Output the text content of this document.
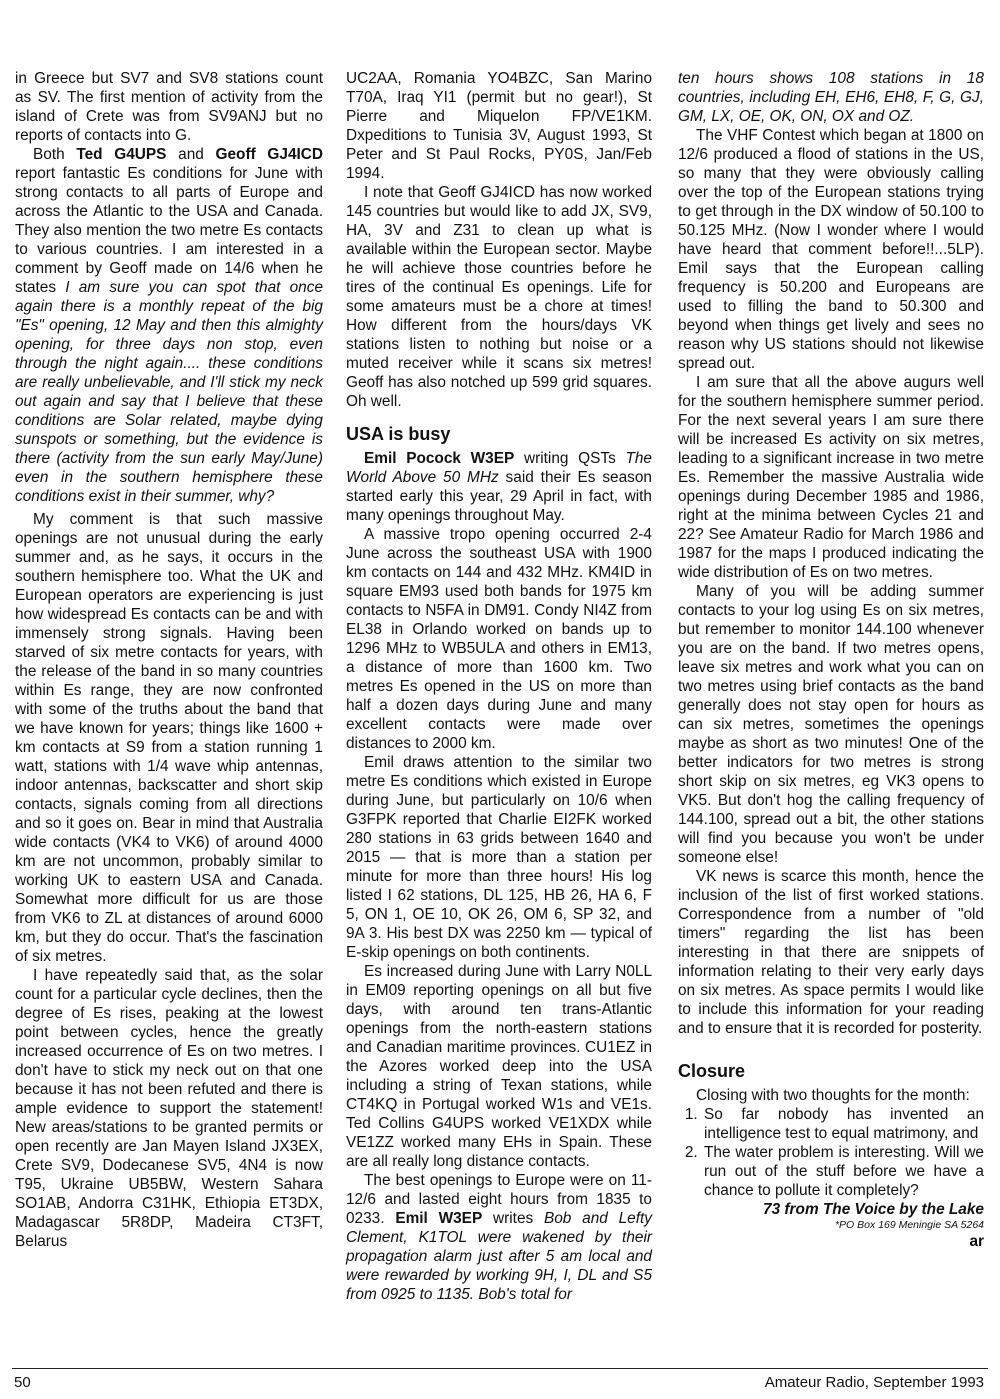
in Greece but SV7 and SV8 stations count as SV. The first mention of activity from the island of Crete was from SV9ANJ but no reports of contacts into G.

Both Ted G4UPS and Geoff GJ4ICD report fantastic Es conditions for June with strong contacts to all parts of Europe and across the Atlantic to the USA and Canada. They also mention the two metre Es contacts to various countries. I am interested in a comment by Geoff made on 14/6 when he states I am sure you can spot that once again there is a monthly repeat of the big "Es" opening, 12 May and then this almighty opening, for three days non stop, even through the night again.... these conditions are really unbelievable, and I'll stick my neck out again and say that I believe that these conditions are Solar related, maybe dying sunspots or something, but the evidence is there (activity from the sun early May/June) even in the southern hemisphere these conditions exist in their summer, why?

My comment is that such massive openings are not unusual during the early summer and, as he says, it occurs in the southern hemisphere too. What the UK and European operators are experiencing is just how widespread Es contacts can be and with immensely strong signals. Having been starved of six metre contacts for years, with the release of the band in so many countries within Es range, they are now confronted with some of the truths about the band that we have known for years; things like 1600 + km contacts at S9 from a station running 1 watt, stations with 1/4 wave whip antennas, indoor antennas, backscatter and short skip contacts, signals coming from all directions and so it goes on. Bear in mind that Australia wide contacts (VK4 to VK6) of around 4000 km are not uncommon, probably similar to working UK to eastern USA and Canada. Somewhat more difficult for us are those from VK6 to ZL at distances of around 6000 km, but they do occur. That's the fascination of six metres.

I have repeatedly said that, as the solar count for a particular cycle declines, then the degree of Es rises, peaking at the lowest point between cycles, hence the greatly increased occurrence of Es on two metres. I don't have to stick my neck out on that one because it has not been refuted and there is ample evidence to support the statement! New areas/stations to be granted permits or open recently are Jan Mayen Island JX3EX, Crete SV9, Dodecanese SV5, 4N4 is now T95, Ukraine UB5BW, Western Sahara SO1AB, Andorra C31HK, Ethiopia ET3DX, Madagascar 5R8DP, Madeira CT3FT, Belarus

UC2AA, Romania YO4BZC, San Marino T70A, Iraq YI1 (permit but no gear!), St Pierre and Miquelon FP/VE1KM. Dxpeditions to Tunisia 3V, August 1993, St Peter and St Paul Rocks, PY0S, Jan/Feb 1994.

I note that Geoff GJ4ICD has now worked 145 countries but would like to add JX, SV9, HA, 3V and Z31 to clean up what is available within the European sector. Maybe he will achieve those countries before he tires of the continual Es openings. Life for some amateurs must be a chore at times! How different from the hours/days VK stations listen to nothing but noise or a muted receiver while it scans six metres! Geoff has also notched up 599 grid squares. Oh well.

USA is busy

Emil Pocock W3EP writing QSTs The World Above 50 MHz said their Es season started early this year, 29 April in fact, with many openings throughout May.

A massive tropo opening occurred 2-4 June across the southeast USA with 1900 km contacts on 144 and 432 MHz. KM4ID in square EM93 used both bands for 1975 km contacts to N5FA in DM91. Condy NI4Z from EL38 in Orlando worked on bands up to 1296 MHz to WB5ULA and others in EM13, a distance of more than 1600 km. Two metres Es opened in the US on more than half a dozen days during June and many excellent contacts were made over distances to 2000 km.

Emil draws attention to the similar two metre Es conditions which existed in Europe during June, but particularly on 10/6 when G3FPK reported that Charlie EI2FK worked 280 stations in 63 grids between 1640 and 2015 — that is more than a station per minute for more than three hours! His log listed I 62 stations, DL 125, HB 26, HA 6, F 5, ON 1, OE 10, OK 26, OM 6, SP 32, and 9A 3. His best DX was 2250 km — typical of E-skip openings on both continents.

Es increased during June with Larry N0LL in EM09 reporting openings on all but five days, with around ten trans-Atlantic openings from the north-eastern stations and Canadian maritime provinces. CU1EZ in the Azores worked deep into the USA including a string of Texan stations, while CT4KQ in Portugal worked W1s and VE1s. Ted Collins G4UPS worked VE1XDX while VE1ZZ worked many EHs in Spain. These are all really long distance contacts.

The best openings to Europe were on 11-12/6 and lasted eight hours from 1835 to 0233. Emil W3EP writes Bob and Lefty Clement, K1TOL were wakened by their propagation alarm just after 5 am local and were rewarded by working 9H, I, DL and S5 from 0925 to 1135. Bob's total for

ten hours shows 108 stations in 18 countries, including EH, EH6, EH8, F, G, GJ, GM, LX, OE, OK, ON, OX and OZ.

The VHF Contest which began at 1800 on 12/6 produced a flood of stations in the US, so many that they were obviously calling over the top of the European stations trying to get through in the DX window of 50.100 to 50.125 MHz. (Now I wonder where I would have heard that comment before!!...5LP). Emil says that the European calling frequency is 50.200 and Europeans are used to filling the band to 50.300 and beyond when things get lively and sees no reason why US stations should not likewise spread out.

I am sure that all the above augurs well for the southern hemisphere summer period. For the next several years I am sure there will be increased Es activity on six metres, leading to a significant increase in two metre Es. Remember the massive Australia wide openings during December 1985 and 1986, right at the minima between Cycles 21 and 22? See Amateur Radio for March 1986 and 1987 for the maps I produced indicating the wide distribution of Es on two metres.

Many of you will be adding summer contacts to your log using Es on six metres, but remember to monitor 144.100 whenever you are on the band. If two metres opens, leave six metres and work what you can on two metres using brief contacts as the band generally does not stay open for hours as can six metres, sometimes the openings maybe as short as two minutes! One of the better indicators for two metres is strong short skip on six metres, eg VK3 opens to VK5. But don't hog the calling frequency of 144.100, spread out a bit, the other stations will find you because you won't be under someone else!

VK news is scarce this month, hence the inclusion of the list of first worked stations. Correspondence from a number of "old timers" regarding the list has been interesting in that there are snippets of information relating to their very early days on six metres. As space permits I would like to include this information for your reading and to ensure that it is recorded for posterity.

Closure

Closing with two thoughts for the month:

1. So far nobody has invented an intelligence test to equal matrimony, and
2. The water problem is interesting. Will we run out of the stuff before we have a chance to pollute it completely?

73 from The Voice by the Lake

*PO Box 169 Meningie SA 5264

ar

50	Amateur Radio, September 1993
